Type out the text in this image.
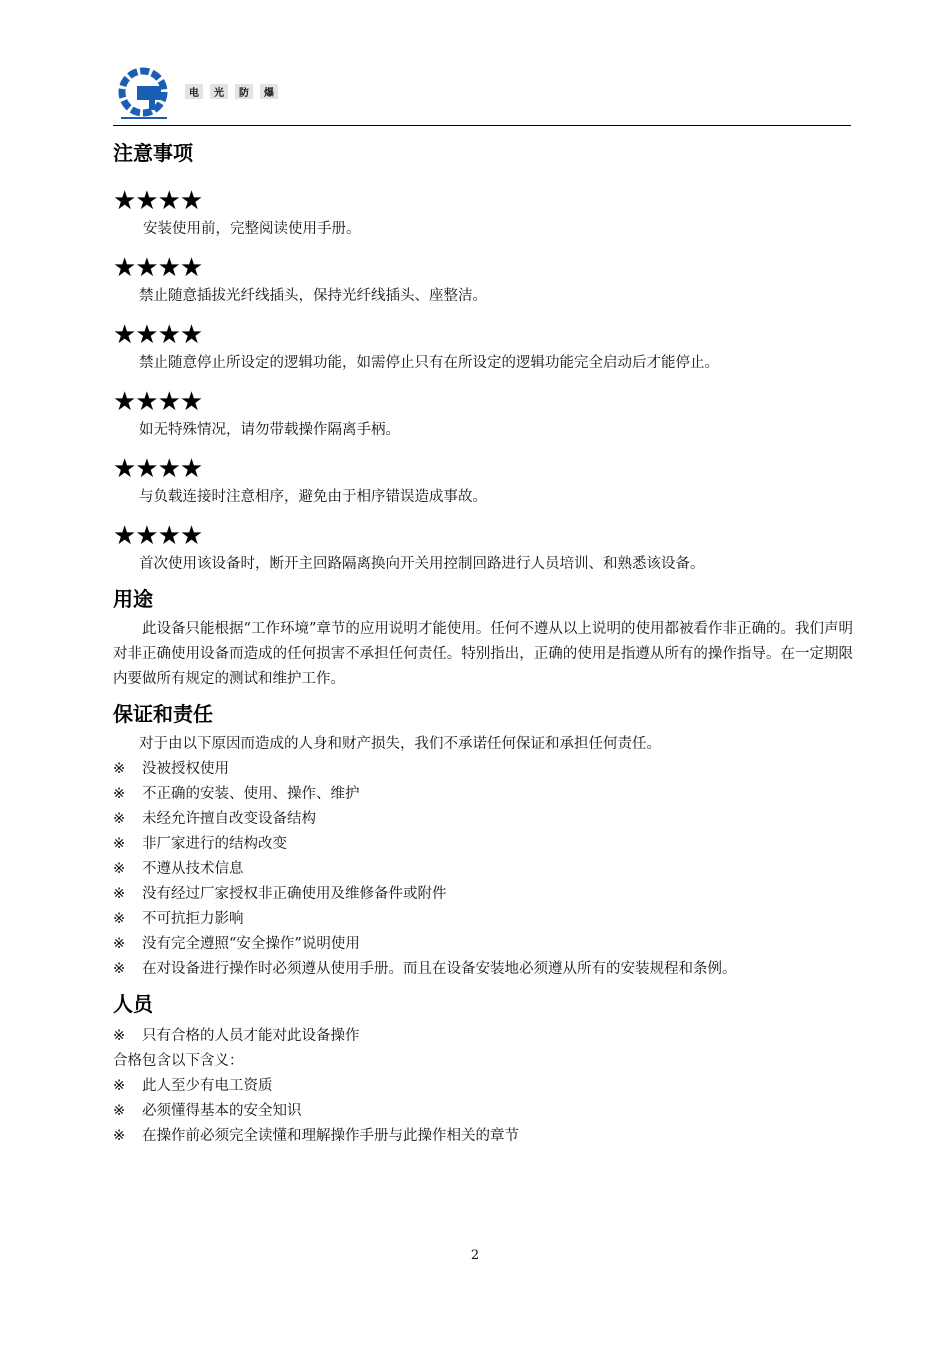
电	光	防	爆
注意事项
★★★★

安装使用前，完整阅读使用手册。

★★★★

禁止随意插拔光纤线插头，保持光纤线插头、座整洁。

★★★★

禁止随意停止所设定的逻辑功能，如需停止只有在所设定的逻辑功能完全启动后才能停止。

★★★★

如无特殊情况，请勿带载操作隔离手柄。

★★★★

与负载连接时注意相序，避免由于相序错误造成事故。

★★★★

首次使用该设备时，断开主回路隔离换向开关用控制回路进行人员培训、和熟悉该设备。

用途

此设备只能根据“工作环境”章节的应用说明才能使用。任何不遵从以上说明的使用都被看作非正确的。我们声明对非正确使用设备而造成的任何损害不承担任何责任。特别指出，正确的使用是指遵从所有的操作指导。在一定期限内要做所有规定的测试和维护工作。

保证和责任

对于由以下原因而造成的人身和财产损失，我们不承诺任何保证和承担任何责任。

※	没被授权使用
※	不正确的安装、使用、操作、维护
※	未经允许擅自改变设备结构
※	非厂家进行的结构改变
※	不遵从技术信息
※	没有经过厂家授权非正确使用及维修备件或附件
※	不可抗拒力影响
※	没有完全遵照“安全操作”说明使用
※	在对设备进行操作时必须遵从使用手册。而且在设备安装地必须遵从所有的安装规程和条例。
人员
※	只有合格的人员才能对此设备操作

合格包含以下含义：

※	此人至少有电工资质
※	必须懂得基本的安全知识
※	在操作前必须完全读懂和理解操作手册与此操作相关的章节
2
